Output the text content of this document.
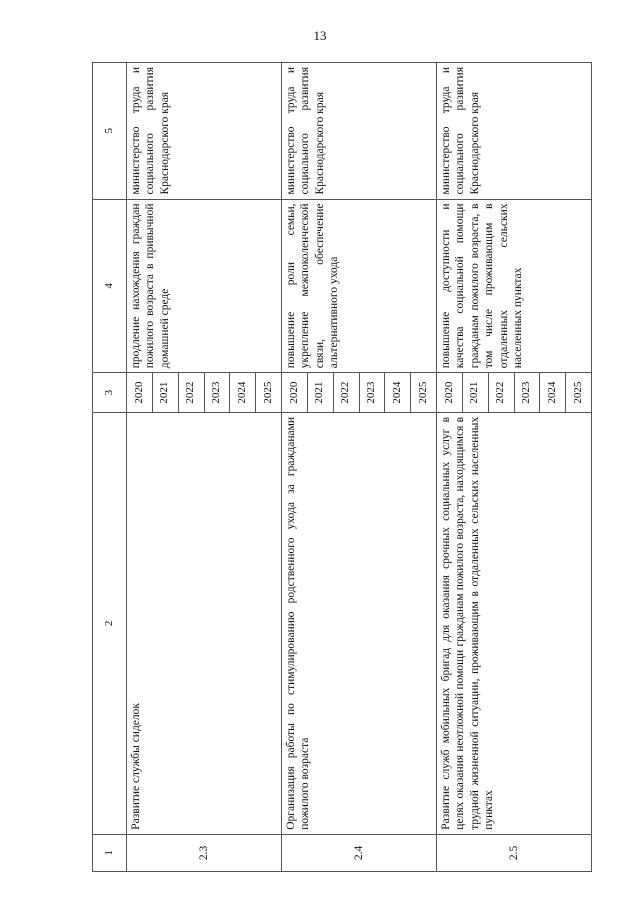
13
1	2	3	4	5
2.3	Развитие службы сиделок	2020	продление нахождения граждан пожилого возраста в привычной домашней среде	министерство труда и социального развития Краснодарского края
		2021		
		2022		
		2023		
		2024		
		2025		
2.4	Организация работы по стимулированию родственного ухода за гражданами пожилого возраста	2020	повышение роли семьи, укрепление межпоколенческой связи, обеспечение альтернативного ухода	министерство труда и социального развития Краснодарского края
		2021		
		2022		
		2023		
		2024		
		2025		
2.5	Развитие служб мобильных бригад для оказания срочных социальных услуг в целях оказания неотложной помощи гражданам пожилого возраста, находящимся в трудной жизненной ситуации, проживающим в отдаленных сельских населенных пунктах	2020	повышение доступности и качества социальной помощи гражданам пожилого возраста, в том числе проживающим в отдаленных сельских населенных пунктах	министерство труда и социального развития Краснодарского края
		2021		
		2022		
		2023		
		2024		
		2025		
